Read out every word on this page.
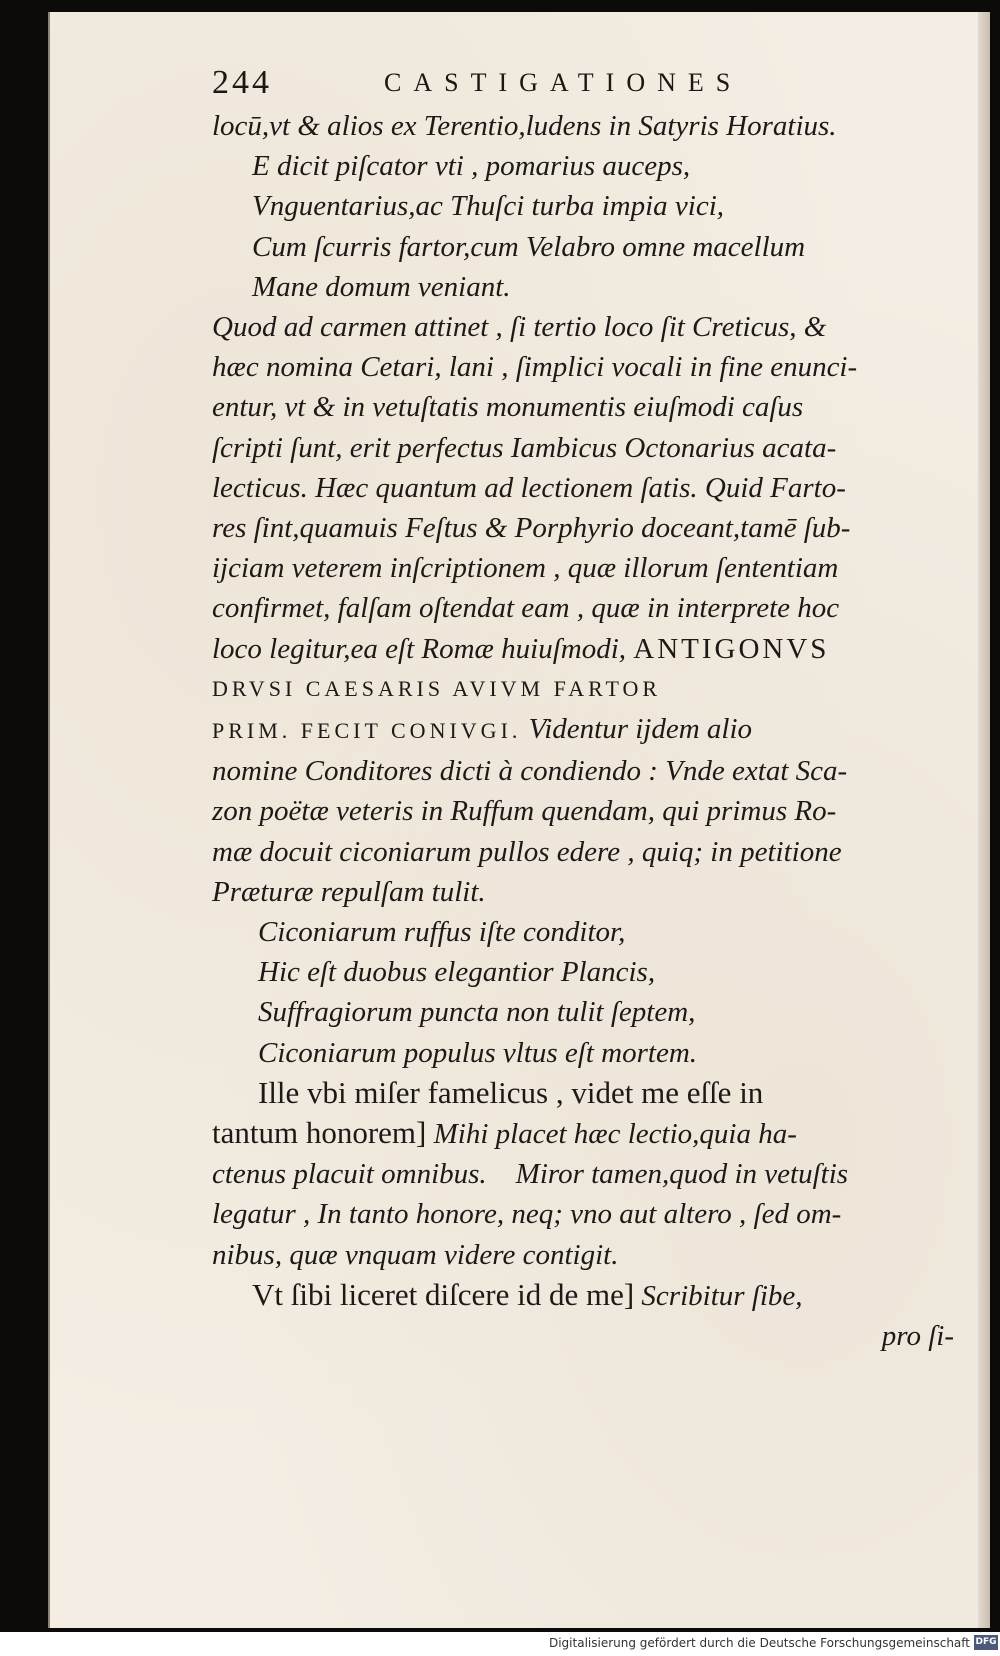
244	CASTIGATIONES
locū,vt & alios ex Terentio,ludens in Satyris Horatius.
E dicit piſcator vti , pomarius auceps,
Vnguentarius,ac Thuſci turba impia vici,
Cum ſcurris fartor,cum Velabro omne macellum
Mane domum veniant.
Quod ad carmen attinet , ſi tertio loco ſit Creticus, &
hæc nomina Cetari, lani , ſimplici vocali in fine enunci-
entur, vt & in vetuſtatis monumentis eiuſmodi caſus
ſcripti ſunt, erit perfectus Iambicus Octonarius acata-
lecticus. Hæc quantum ad lectionem ſatis. Quid Farto-
res ſint,quamuis Feſtus & Porphyrio doceant,tamē ſub-
ijciam veterem inſcriptionem , quæ illorum ſententiam
confirmet, falſam oſtendat eam , quæ in interprete hoc
loco legitur,ea eſt Romæ huiuſmodi, ANTIGONVS
DRVSI CAESARIS AVIVM FARTOR
PRIM. FECIT CONIVGI. Videntur ijdem alio
nomine Conditores dicti à condiendo : Vnde extat Sca-
zon poëtæ veteris in Ruffum quendam, qui primus Ro-
mæ docuit ciconiarum pullos edere , quiq; in petitione
Præturæ repulſam tulit.
Ciconiarum ruffus iſte conditor,
Hic eſt duobus elegantior Plancis,
Suffragiorum puncta non tulit ſeptem,
Ciconiarum populus vltus eſt mortem.
Ille vbi miſer famelicus , videt me eſſe in
tantum honorem] Mihi placet hæc lectio,quia ha-
ctenus placuit omnibus.    Miror tamen,quod in vetuſtis
legatur , In tanto honore, neq; vno aut altero , ſed om-
nibus, quæ vnquam videre contigit.
Vt ſibi liceret diſcere id de me] Scribitur ſibe,
pro ſi-
Digitalisierung gefördert durch die Deutsche Forschungsgemeinschaft DFG
